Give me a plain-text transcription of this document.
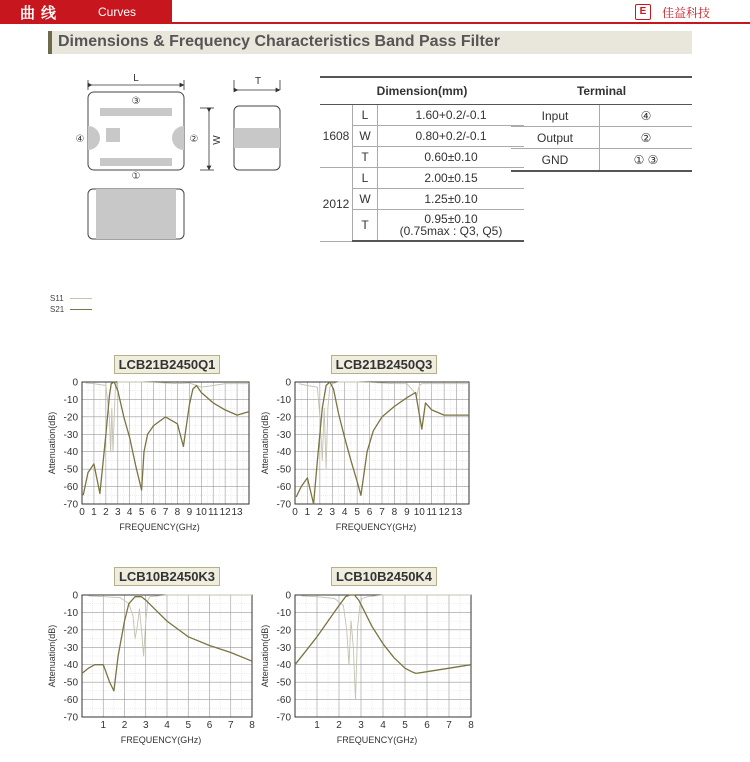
曲线	Curves	E	佳益科技
Dimensions & Frequency Characteristics Band Pass Filter
L
③
④	②
①
W
T
Dimension(mm)		
1608	L	1.60+0.2/-0.1
	W	0.80+0.2/-0.1
	T	0.60±0.10
2012	L	2.00±0.15
	W	1.25±0.10
	T	0.95±0.10
(0.75max : Q3, Q5)
Terminal	
Input	④
Output	②
GND	① ③
S11
S21
LCB21B2450Q1	LCB21B2450Q3
LCB10B2450K3	LCB10B2450K4
0 1 2 3 4 5 6 7 8 9 10 11 12 13
0
-10
-20
-30
-40
-50
-60
-70
FREQUENCY(GHz)
Attenuation(dB)
0 1 2 3 4 5 6 7 8 9 10 11 12 13
0
-10
-20
-30
-40
-50
-60
-70
FREQUENCY(GHz)
Attenuation(dB)
1 2 3 4 5 6 7 8
0
-10
-20
-30
-40
-50
-60
-70
FREQUENCY(GHz)
Attenuation(dB)
1 2 3 4 5 6 7 8
0
-10
-20
-30
-40
-50
-60
-70
FREQUENCY(GHz)
Attenuation(dB)
